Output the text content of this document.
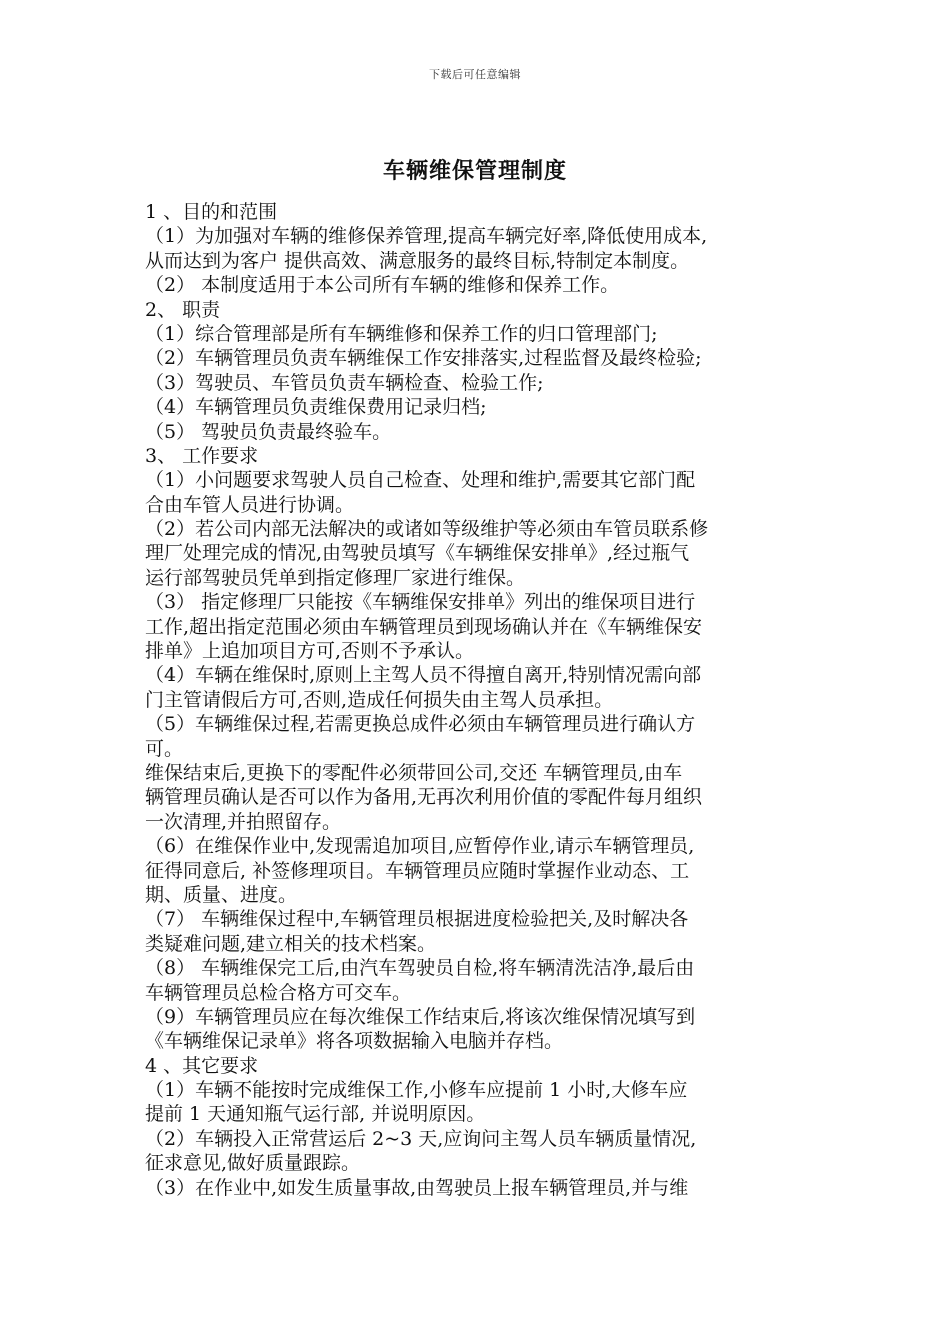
下载后可任意编辑
车辆维保管理制度
1 、目的和范围
（1）为加强对车辆的维修保养管理,提高车辆完好率,降低使用成本,
从而达到为客户 提供高效、满意服务的最终目标,特制定本制度。
（2） 本制度适用于本公司所有车辆的维修和保养工作。
2、 职责
（1）综合管理部是所有车辆维修和保养工作的归口管理部门;
（2）车辆管理员负责车辆维保工作安排落实,过程监督及最终检验;
（3）驾驶员、车管员负责车辆检查、检验工作;
（4）车辆管理员负责维保费用记录归档;
（5） 驾驶员负责最终验车。
3、 工作要求
（1）小问题要求驾驶人员自己检查、处理和维护,需要其它部门配
合由车管人员进行协调。
（2）若公司内部无法解决的或诸如等级维护等必须由车管员联系修
理厂处理完成的情况,由驾驶员填写《车辆维保安排单》,经过瓶气
运行部驾驶员凭单到指定修理厂家进行维保。
（3） 指定修理厂只能按《车辆维保安排单》列出的维保项目进行
工作,超出指定范围必须由车辆管理员到现场确认并在《车辆维保安
排单》上追加项目方可,否则不予承认。
（4）车辆在维保时,原则上主驾人员不得擅自离开,特别情况需向部
门主管请假后方可,否则,造成任何损失由主驾人员承担。
（5）车辆维保过程,若需更换总成件必须由车辆管理员进行确认方
可。
维保结束后,更换下的零配件必须带回公司,交还 车辆管理员,由车
辆管理员确认是否可以作为备用,无再次利用价值的零配件每月组织
一次清理,并拍照留存。
（6）在维保作业中,发现需追加项目,应暂停作业,请示车辆管理员,
征得同意后, 补签修理项目。车辆管理员应随时掌握作业动态、工
期、质量、进度。
（7） 车辆维保过程中,车辆管理员根据进度检验把关,及时解决各
类疑难问题,建立相关的技术档案。
（8） 车辆维保完工后,由汽车驾驶员自检,将车辆清洗洁净,最后由
车辆管理员总检合格方可交车。
（9）车辆管理员应在每次维保工作结束后,将该次维保情况填写到
《车辆维保记录单》将各项数据输入电脑并存档。
4 、其它要求
（1）车辆不能按时完成维保工作,小修车应提前 1 小时,大修车应
提前 1 天通知瓶气运行部, 并说明原因。
（2）车辆投入正常营运后 2~3 天,应询问主驾人员车辆质量情况,
征求意见,做好质量跟踪。
（3）在作业中,如发生质量事故,由驾驶员上报车辆管理员,并与维
